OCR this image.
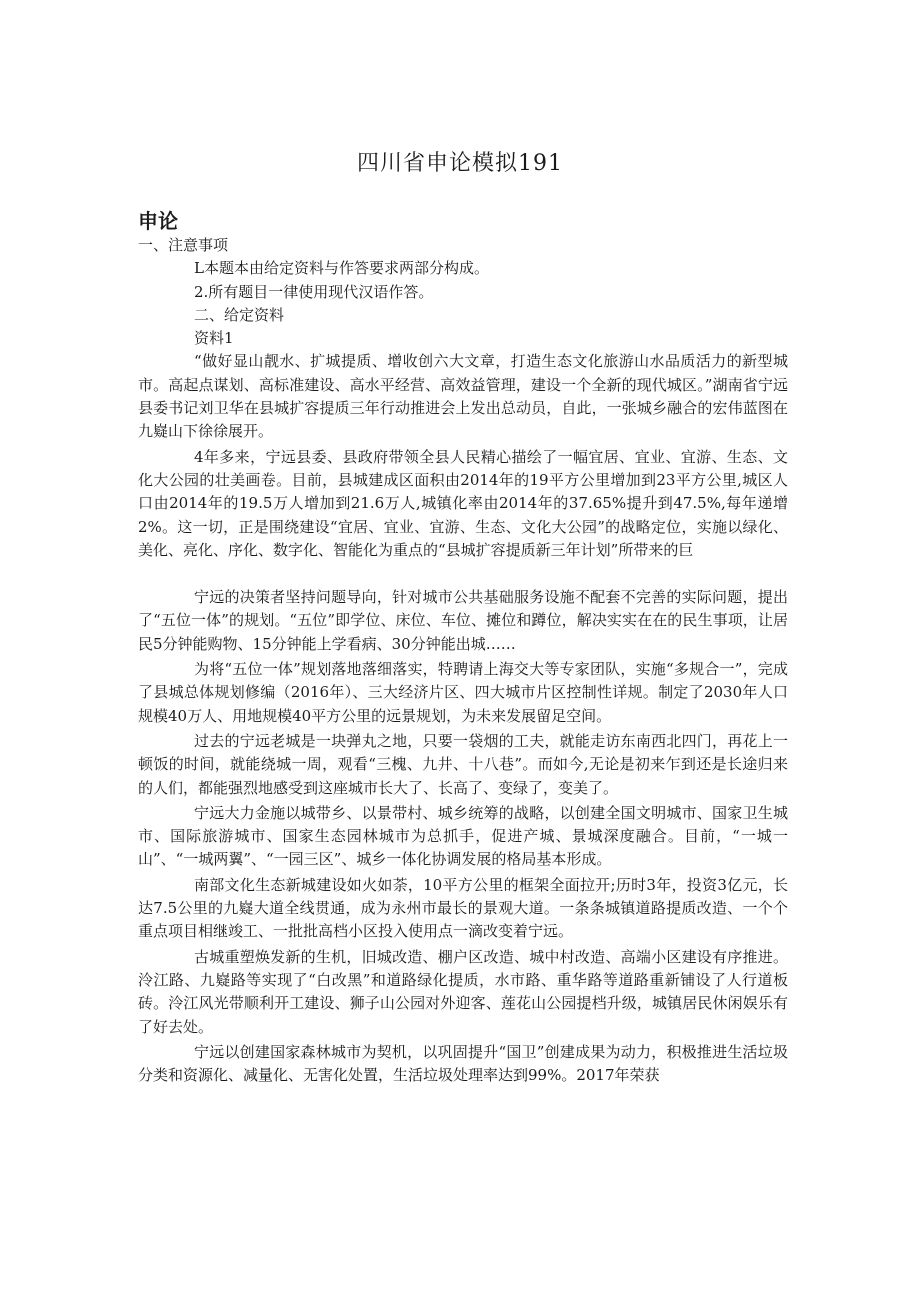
四川省申论模拟191
申论

一、注意事项

L本题本由给定资料与作答要求两部分构成。

2.所有题目一律使用现代汉语作答。

二、给定资料

资料1

“做好显山靓水、扩城提质、增收创六大文章，打造生态文化旅游山水品质活力的新型城市。高起点谋划、高标准建设、高水平经营、高效益管理，建设一个全新的现代城区。”湖南省宁远县委书记刘卫华在县城扩容提质三年行动推进会上发出总动员，自此，一张城乡融合的宏伟蓝图在九嶷山下徐徐展开。

4年多来，宁远县委、县政府带领全县人民精心描绘了一幅宜居、宜业、宜游、生态、文化大公园的壮美画卷。目前，县城建成区面积由2014年的19平方公里增加到23平方公里,城区人口由2014年的19.5万人增加到21.6万人,城镇化率由2014年的37.65%提升到47.5%,每年递增2%。这一切，正是围绕建设“宜居、宜业、宜游、生态、文化大公园”的战略定位，实施以绿化、美化、亮化、序化、数字化、智能化为重点的“县城扩容提质新三年计划”所带来的巨

宁远的决策者坚持问题导向，针对城市公共基础服务设施不配套不完善的实际问题，提出了“五位一体”的规划。“五位”即学位、床位、车位、摊位和蹲位，解决实实在在的民生事项，让居民5分钟能购物、15分钟能上学看病、30分钟能出城……

为将“五位一体”规划落地落细落实，特聘请上海交大等专家团队，实施“多规合一”，完成了县城总体规划修编（2016年）、三大经济片区、四大城市片区控制性详规。制定了2030年人口规模40万人、用地规模40平方公里的远景规划，为未来发展留足空间。

过去的宁远老城是一块弹丸之地，只要一袋烟的工夫，就能走访东南西北四门，再花上一顿饭的时间，就能绕城一周，观看“三槐、九井、十八巷”。而如今,无论是初来乍到还是长途归来的人们，都能强烈地感受到这座城市长大了、长高了、变绿了，变美了。

宁远大力金施以城带乡、以景带村、城乡统筹的战略，以创建全国文明城市、国家卫生城市、国际旅游城市、国家生态园林城市为总抓手，促进产城、景城深度融合。目前，“一城一山”、“一城两翼”、“一园三区”、城乡一体化协调发展的格局基本形成。

南部文化生态新城建设如火如荼，10平方公里的框架全面拉开;历时3年，投资3亿元，长达7.5公里的九嶷大道全线贯通，成为永州市最长的景观大道。一条条城镇道路提质改造、一个个重点项目相继竣工、一批批高档小区投入使用点一滴改变着宁远。

古城重塑焕发新的生机，旧城改造、棚户区改造、城中村改造、高端小区建设有序推进。泠江路、九嶷路等实现了“白改黑”和道路绿化提质，水市路、重华路等道路重新铺设了人行道板砖。泠江风光带顺利开工建设、狮子山公园对外迎客、莲花山公园提档升级，城镇居民休闲娱乐有了好去处。

宁远以创建国家森林城市为契机，以巩固提升“国卫”创建成果为动力，积极推进生活垃圾分类和资源化、减量化、无害化处置，生活垃圾处理率达到99%。2017年荣获
